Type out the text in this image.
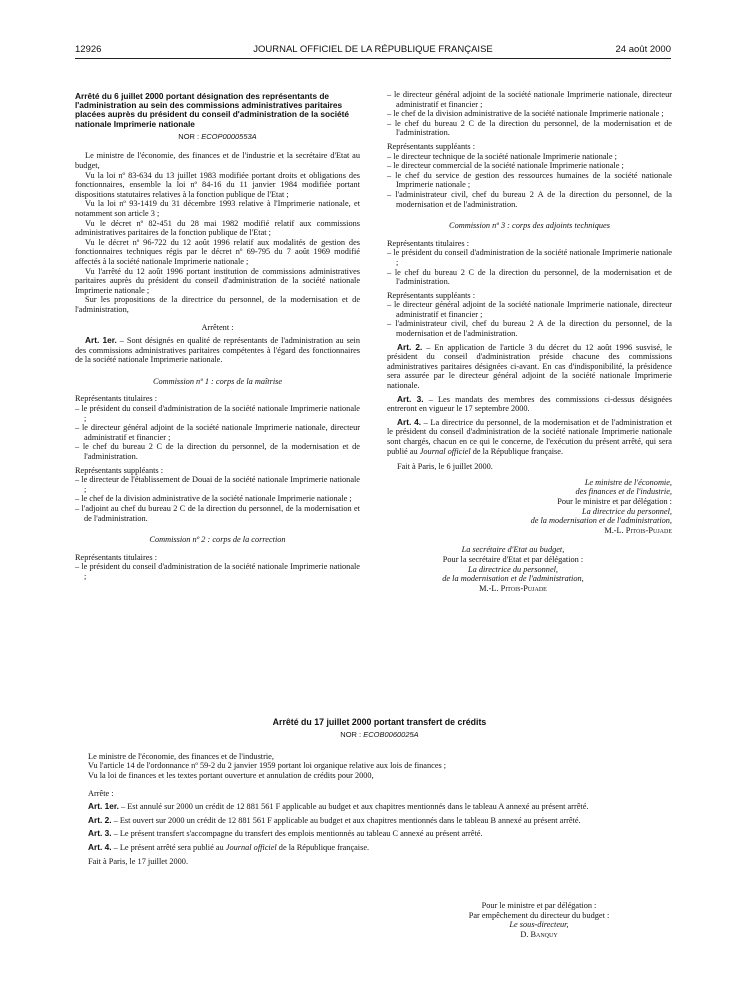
12926	JOURNAL OFFICIEL DE LA RÉPUBLIQUE FRANÇAISE	24 août 2000

Arrêté du 6 juillet 2000 portant désignation des représentants de l'administration au sein des commissions administratives paritaires placées auprès du président du conseil d'administration de la société nationale Imprimerie nationale

NOR : ECOP0000553A

Le ministre de l'économie, des finances et de l'industrie et la secrétaire d'Etat au budget,

Vu la loi nº 83-634 du 13 juillet 1983 modifiée portant droits et obligations des fonctionnaires, ensemble la loi nº 84-16 du 11 janvier 1984 modifiée portant dispositions statutaires relatives à la fonction publique de l'Etat ;

Vu la loi nº 93-1419 du 31 décembre 1993 relative à l'Imprimerie nationale, et notamment son article 3 ;

Vu le décret nº 82-451 du 28 mai 1982 modifié relatif aux commissions administratives paritaires de la fonction publique de l'Etat ;

Vu le décret nº 96-722 du 12 août 1996 relatif aux modalités de gestion des fonctionnaires techniques régis par le décret nº 69-795 du 7 août 1969 modifié affectés à la société nationale Imprimerie nationale ;

Vu l'arrêté du 12 août 1996 portant institution de commissions administratives paritaires auprès du président du conseil d'administration de la société nationale Imprimerie nationale ;

Sur les propositions de la directrice du personnel, de la modernisation et de l'administration,

Arrêtent :

Art. 1er. – Sont désignés en qualité de représentants de l'administration au sein des commissions administratives paritaires compétentes à l'égard des fonctionnaires de la société nationale Imprimerie nationale.

Commission nº 1 : corps de la maîtrise

Représentants titulaires :

– le président du conseil d'administration de la société nationale Imprimerie nationale ;

– le directeur général adjoint de la société nationale Imprimerie nationale, directeur administratif et financier ;

– le chef du bureau 2 C de la direction du personnel, de la modernisation et de l'administration.

Représentants suppléants :

– le directeur de l'établissement de Douai de la société nationale Imprimerie nationale ;

– le chef de la division administrative de la société nationale Imprimerie nationale ;

– l'adjoint au chef du bureau 2 C de la direction du personnel, de la modernisation et de l'administration.

Commission nº 2 : corps de la correction

Représentants titulaires :

– le président du conseil d'administration de la société nationale Imprimerie nationale ;

– le directeur général adjoint de la société nationale Imprimerie nationale, directeur administratif et financier ;

– le chef de la division administrative de la société nationale Imprimerie nationale ;

– le chef du bureau 2 C de la direction du personnel, de la modernisation et de l'administration.

Représentants suppléants :

– le directeur technique de la société nationale Imprimerie nationale ;

– le directeur commercial de la société nationale Imprimerie nationale ;

– le chef du service de gestion des ressources humaines de la société nationale Imprimerie nationale ;

– l'administrateur civil, chef du bureau 2 A de la direction du personnel, de la modernisation et de l'administration.

Commission nº 3 : corps des adjoints techniques

Représentants titulaires :

– le président du conseil d'administration de la société nationale Imprimerie nationale ;

– le chef du bureau 2 C de la direction du personnel, de la modernisation et de l'administration.

Représentants suppléants :

– le directeur général adjoint de la société nationale Imprimerie nationale, directeur administratif et financier ;

– l'administrateur civil, chef du bureau 2 A de la direction du personnel, de la modernisation et de l'administration.

Art. 2. – En application de l'article 3 du décret du 12 août 1996 susvisé, le président du conseil d'administration préside chacune des commissions administratives paritaires désignées ci-avant. En cas d'indisponibilité, la présidence sera assurée par le directeur général adjoint de la société nationale Imprimerie nationale.

Art. 3. – Les mandats des membres des commissions ci-dessus désignées entreront en vigueur le 17 septembre 2000.

Art. 4. – La directrice du personnel, de la modernisation et de l'administration et le président du conseil d'administration de la société nationale Imprimerie nationale sont chargés, chacun en ce qui le concerne, de l'exécution du présent arrêté, qui sera publié au Journal officiel de la République française.

Fait à Paris, le 6 juillet 2000.

Le ministre de l'économie,

des finances et de l'industrie,

Pour le ministre et par délégation :

La directrice du personnel,

de la modernisation et de l'administration,

M.-L. Pitois-Pujade

La secrétaire d'Etat au budget,

Pour la secrétaire d'Etat et par délégation :

La directrice du personnel,

de la modernisation et de l'administration,

M.-L. Pitois-Pujade

Arrêté du 17 juillet 2000 portant transfert de crédits

NOR : ECOB0060025A

Le ministre de l'économie, des finances et de l'industrie,

Vu l'article 14 de l'ordonnance nº 59-2 du 2 janvier 1959 portant loi organique relative aux lois de finances ;

Vu la loi de finances et les textes portant ouverture et annulation de crédits pour 2000,

Arrête :

Art. 1er. – Est annulé sur 2000 un crédit de 12 881 561 F applicable au budget et aux chapitres mentionnés dans le tableau A annexé au présent arrêté.

Art. 2. – Est ouvert sur 2000 un crédit de 12 881 561 F applicable au budget et aux chapitres mentionnés dans le tableau B annexé au présent arrêté.

Art. 3. – Le présent transfert s'accompagne du transfert des emplois mentionnés au tableau C annexé au présent arrêté.

Art. 4. – Le présent arrêté sera publié au Journal officiel de la République française.

Fait à Paris, le 17 juillet 2000.

Pour le ministre et par délégation :

Par empêchement du directeur du budget :

Le sous-directeur,

D. Banquy
